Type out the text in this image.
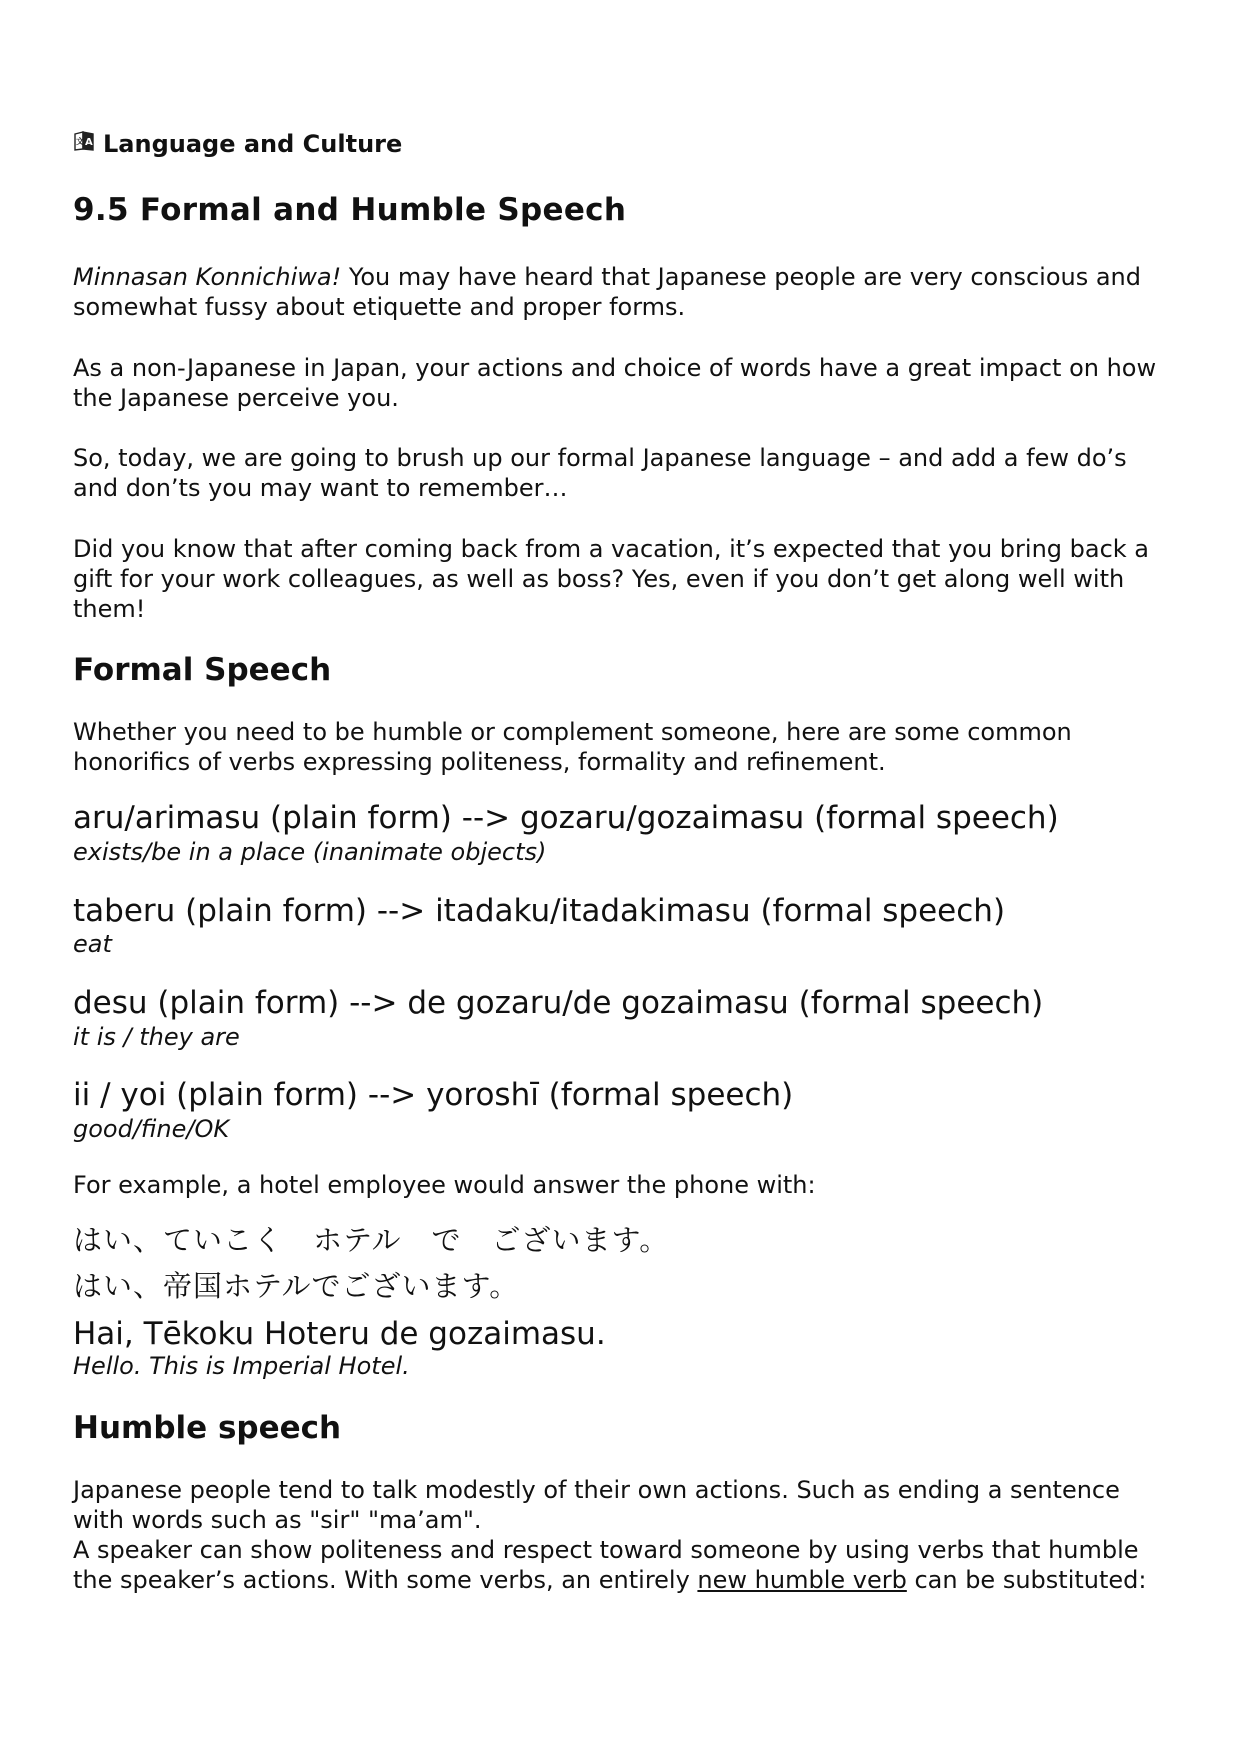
A
文 Language and Culture
9.5 Formal and Humble Speech

Minnasan Konnichiwa! You may have heard that Japanese people are very conscious and somewhat fussy about etiquette and proper forms.

As a non-Japanese in Japan, your actions and choice of words have a great impact on how the Japanese perceive you.

So, today, we are going to brush up our formal Japanese language – and add a few do’s and don’ts you may want to remember…

Did you know that after coming back from a vacation, it’s expected that you bring back a gift for your work colleagues, as well as boss? Yes, even if you don’t get along well with them!

Formal Speech

Whether you need to be humble or complement someone, here are some common honorifics of verbs expressing politeness, formality and refinement.

aru/arimasu (plain form) --> gozaru/gozaimasu (formal speech)
exists/be in a place (inanimate objects)
taberu (plain form) --> itadaku/itadakimasu (formal speech)
eat
desu (plain form) --> de gozaru/de gozaimasu (formal speech)
it is / they are
ii / yoi (plain form) --> yoroshī (formal speech)
good/fine/OK

For example, a hotel employee would answer the phone with:

はい、ていこく　ホテル　で　ございます。
はい、帝国ホテルでございます。
Hai, Tēkoku Hoteru de gozaimasu.
Hello. This is Imperial Hotel.
Humble speech

Japanese people tend to talk modestly of their own actions. Such as ending a sentence with words such as "sir" "ma’am".

A speaker can show politeness and respect toward someone by using verbs that humble the speaker’s actions. With some verbs, an entirely new humble verb can be substituted:
